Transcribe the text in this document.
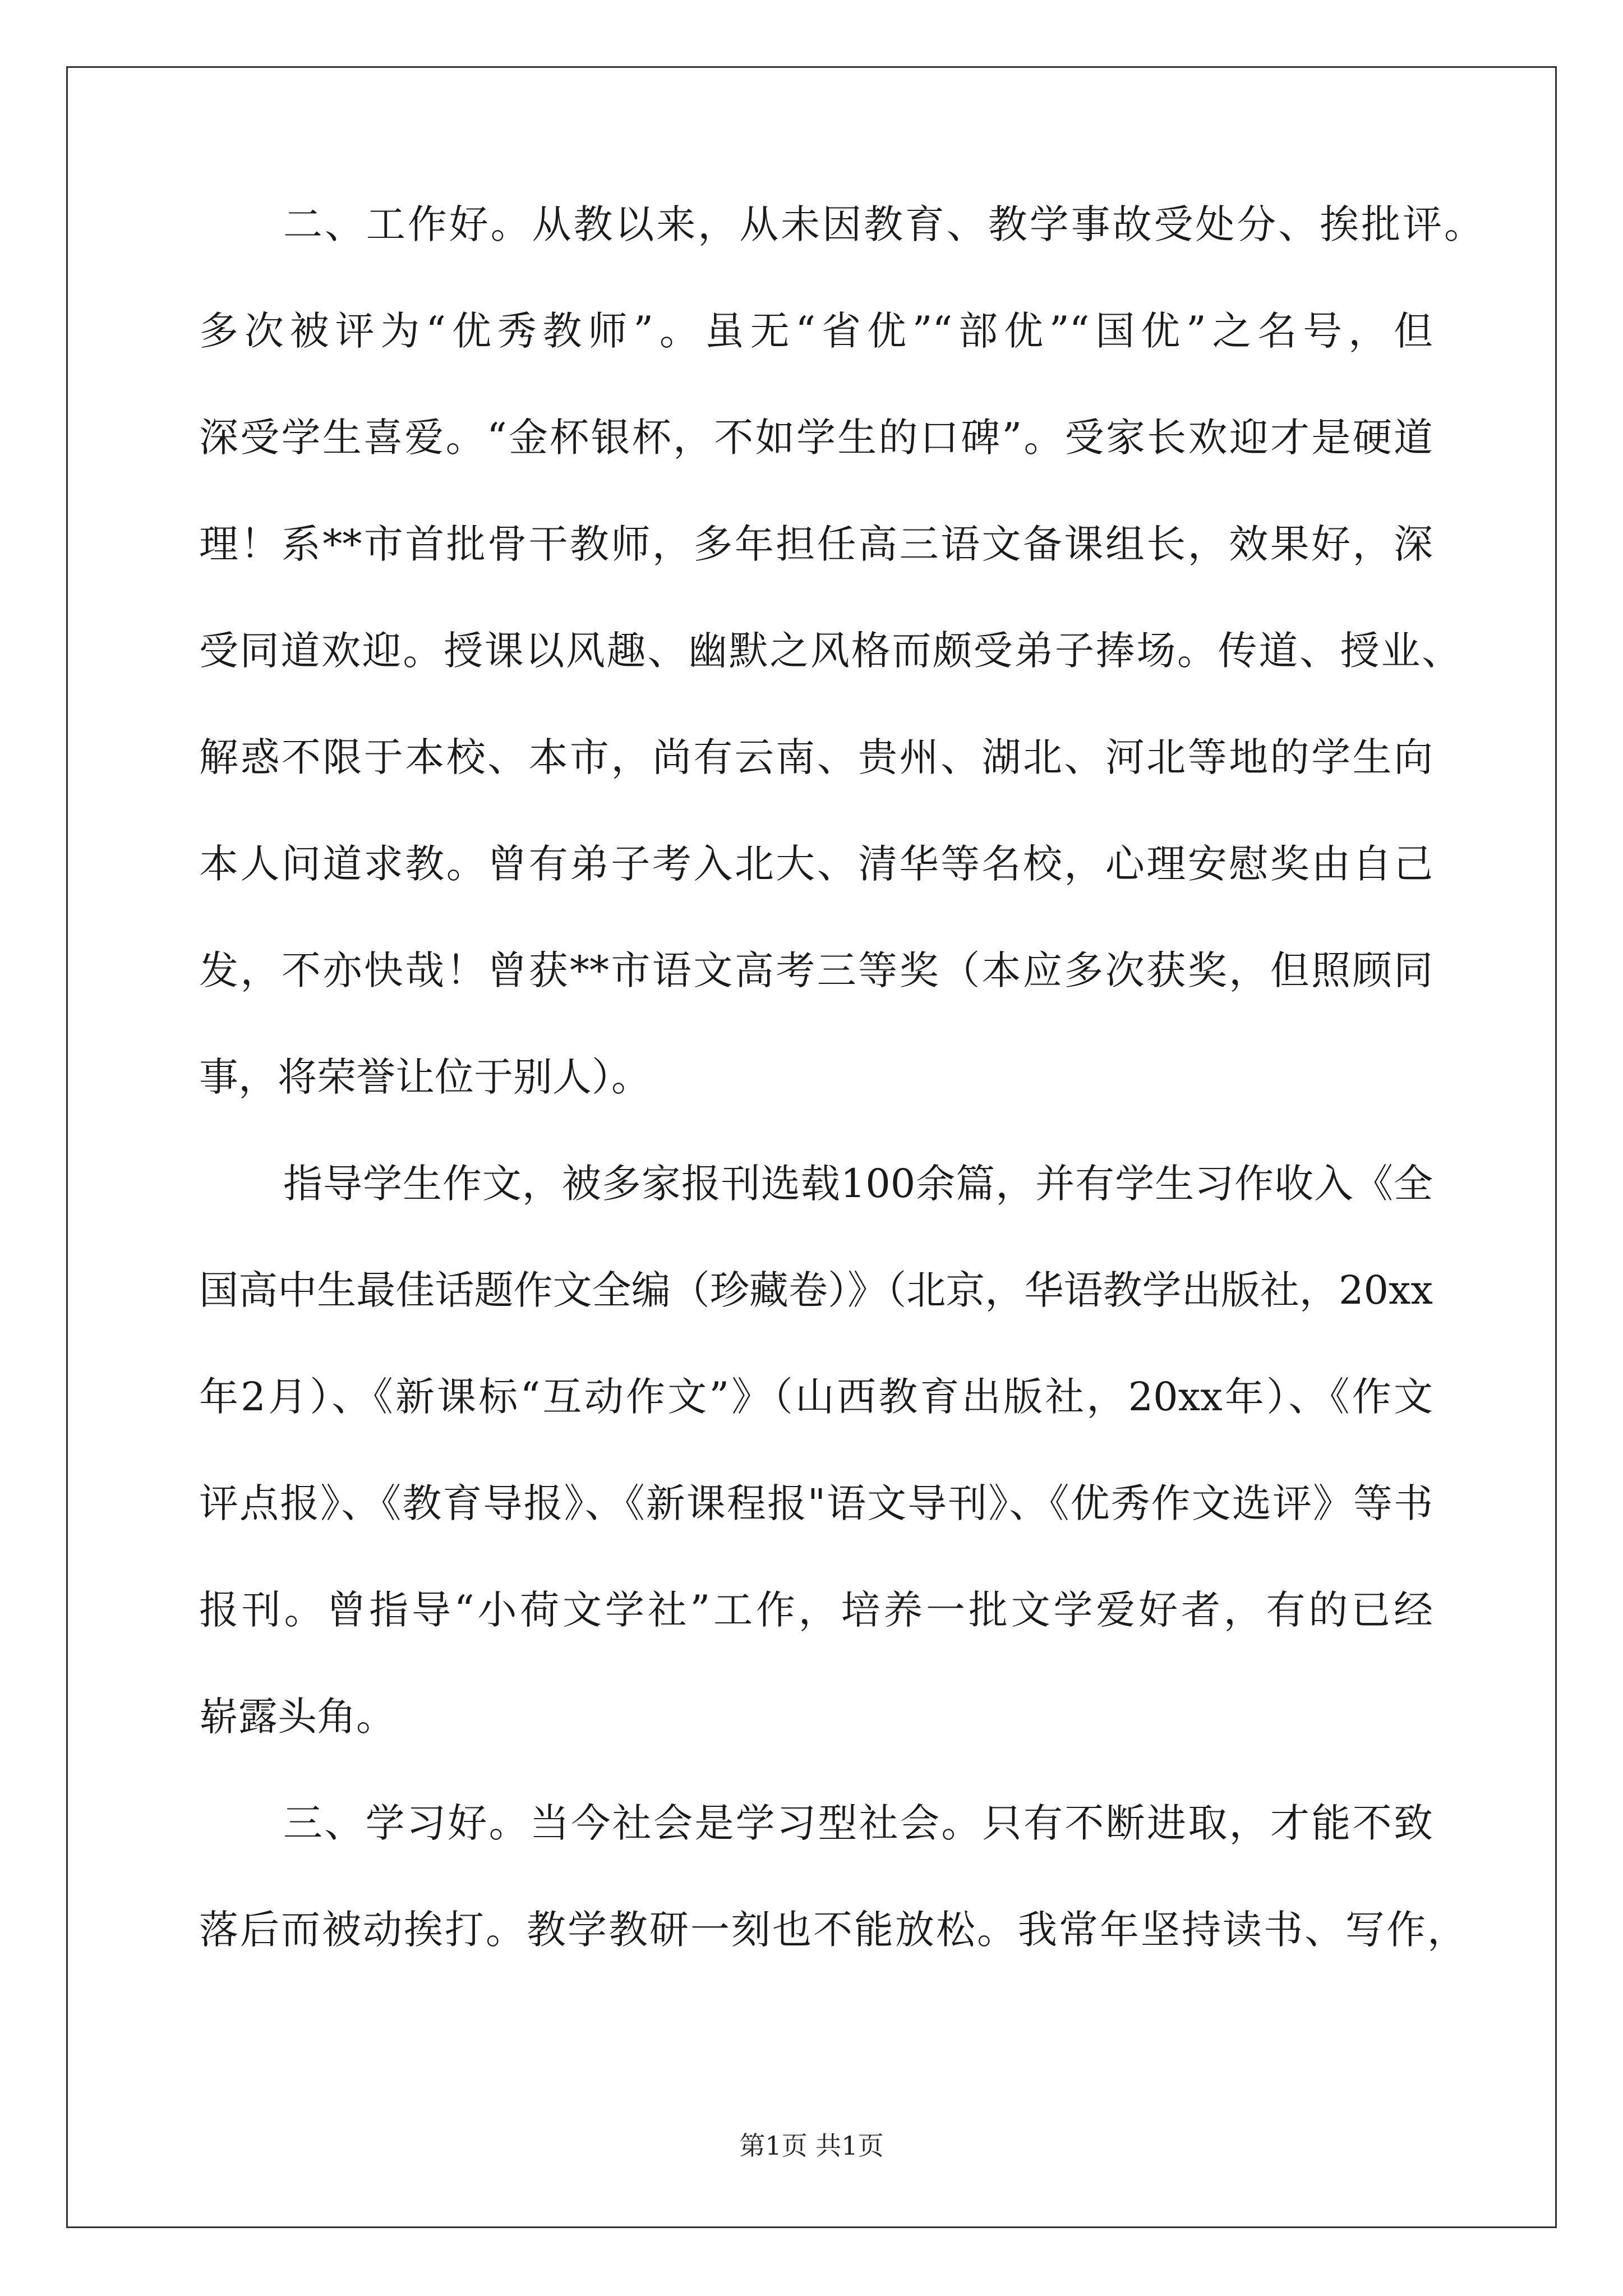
二、工作好。从教以来，从未因教育、教学事故受处分、挨批评。
多次被评为“优秀教师”。虽无“省优”“部优”“国优”之名号，但
深受学生喜爱。“金杯银杯，不如学生的口碑”。受家长欢迎才是硬道
理！系**市首批骨干教师，多年担任高三语文备课组长，效果好，深
受同道欢迎。授课以风趣、幽默之风格而颇受弟子捧场。传道、授业、
解惑不限于本校、本市，尚有云南、贵州、湖北、河北等地的学生向
本人问道求教。曾有弟子考入北大、清华等名校，心理安慰奖由自己
发，不亦快哉！曾获**市语文高考三等奖（本应多次获奖，但照顾同
事，将荣誉让位于别人）。
指导学生作文，被多家报刊选载100余篇，并有学生习作收入《全
国高中生最佳话题作文全编（珍藏卷）》（北京，华语教学出版社，20xx
年2月）、《新课标“互动作文”》（山西教育出版社，20xx年）、《作文
评点报》、《教育导报》、《新课程报"语文导刊》、《优秀作文选评》等书
报刊。曾指导“小荷文学社”工作，培养一批文学爱好者，有的已经
崭露头角。
三、学习好。当今社会是学习型社会。只有不断进取，才能不致
落后而被动挨打。教学教研一刻也不能放松。我常年坚持读书、写作，
第1页 共1页
